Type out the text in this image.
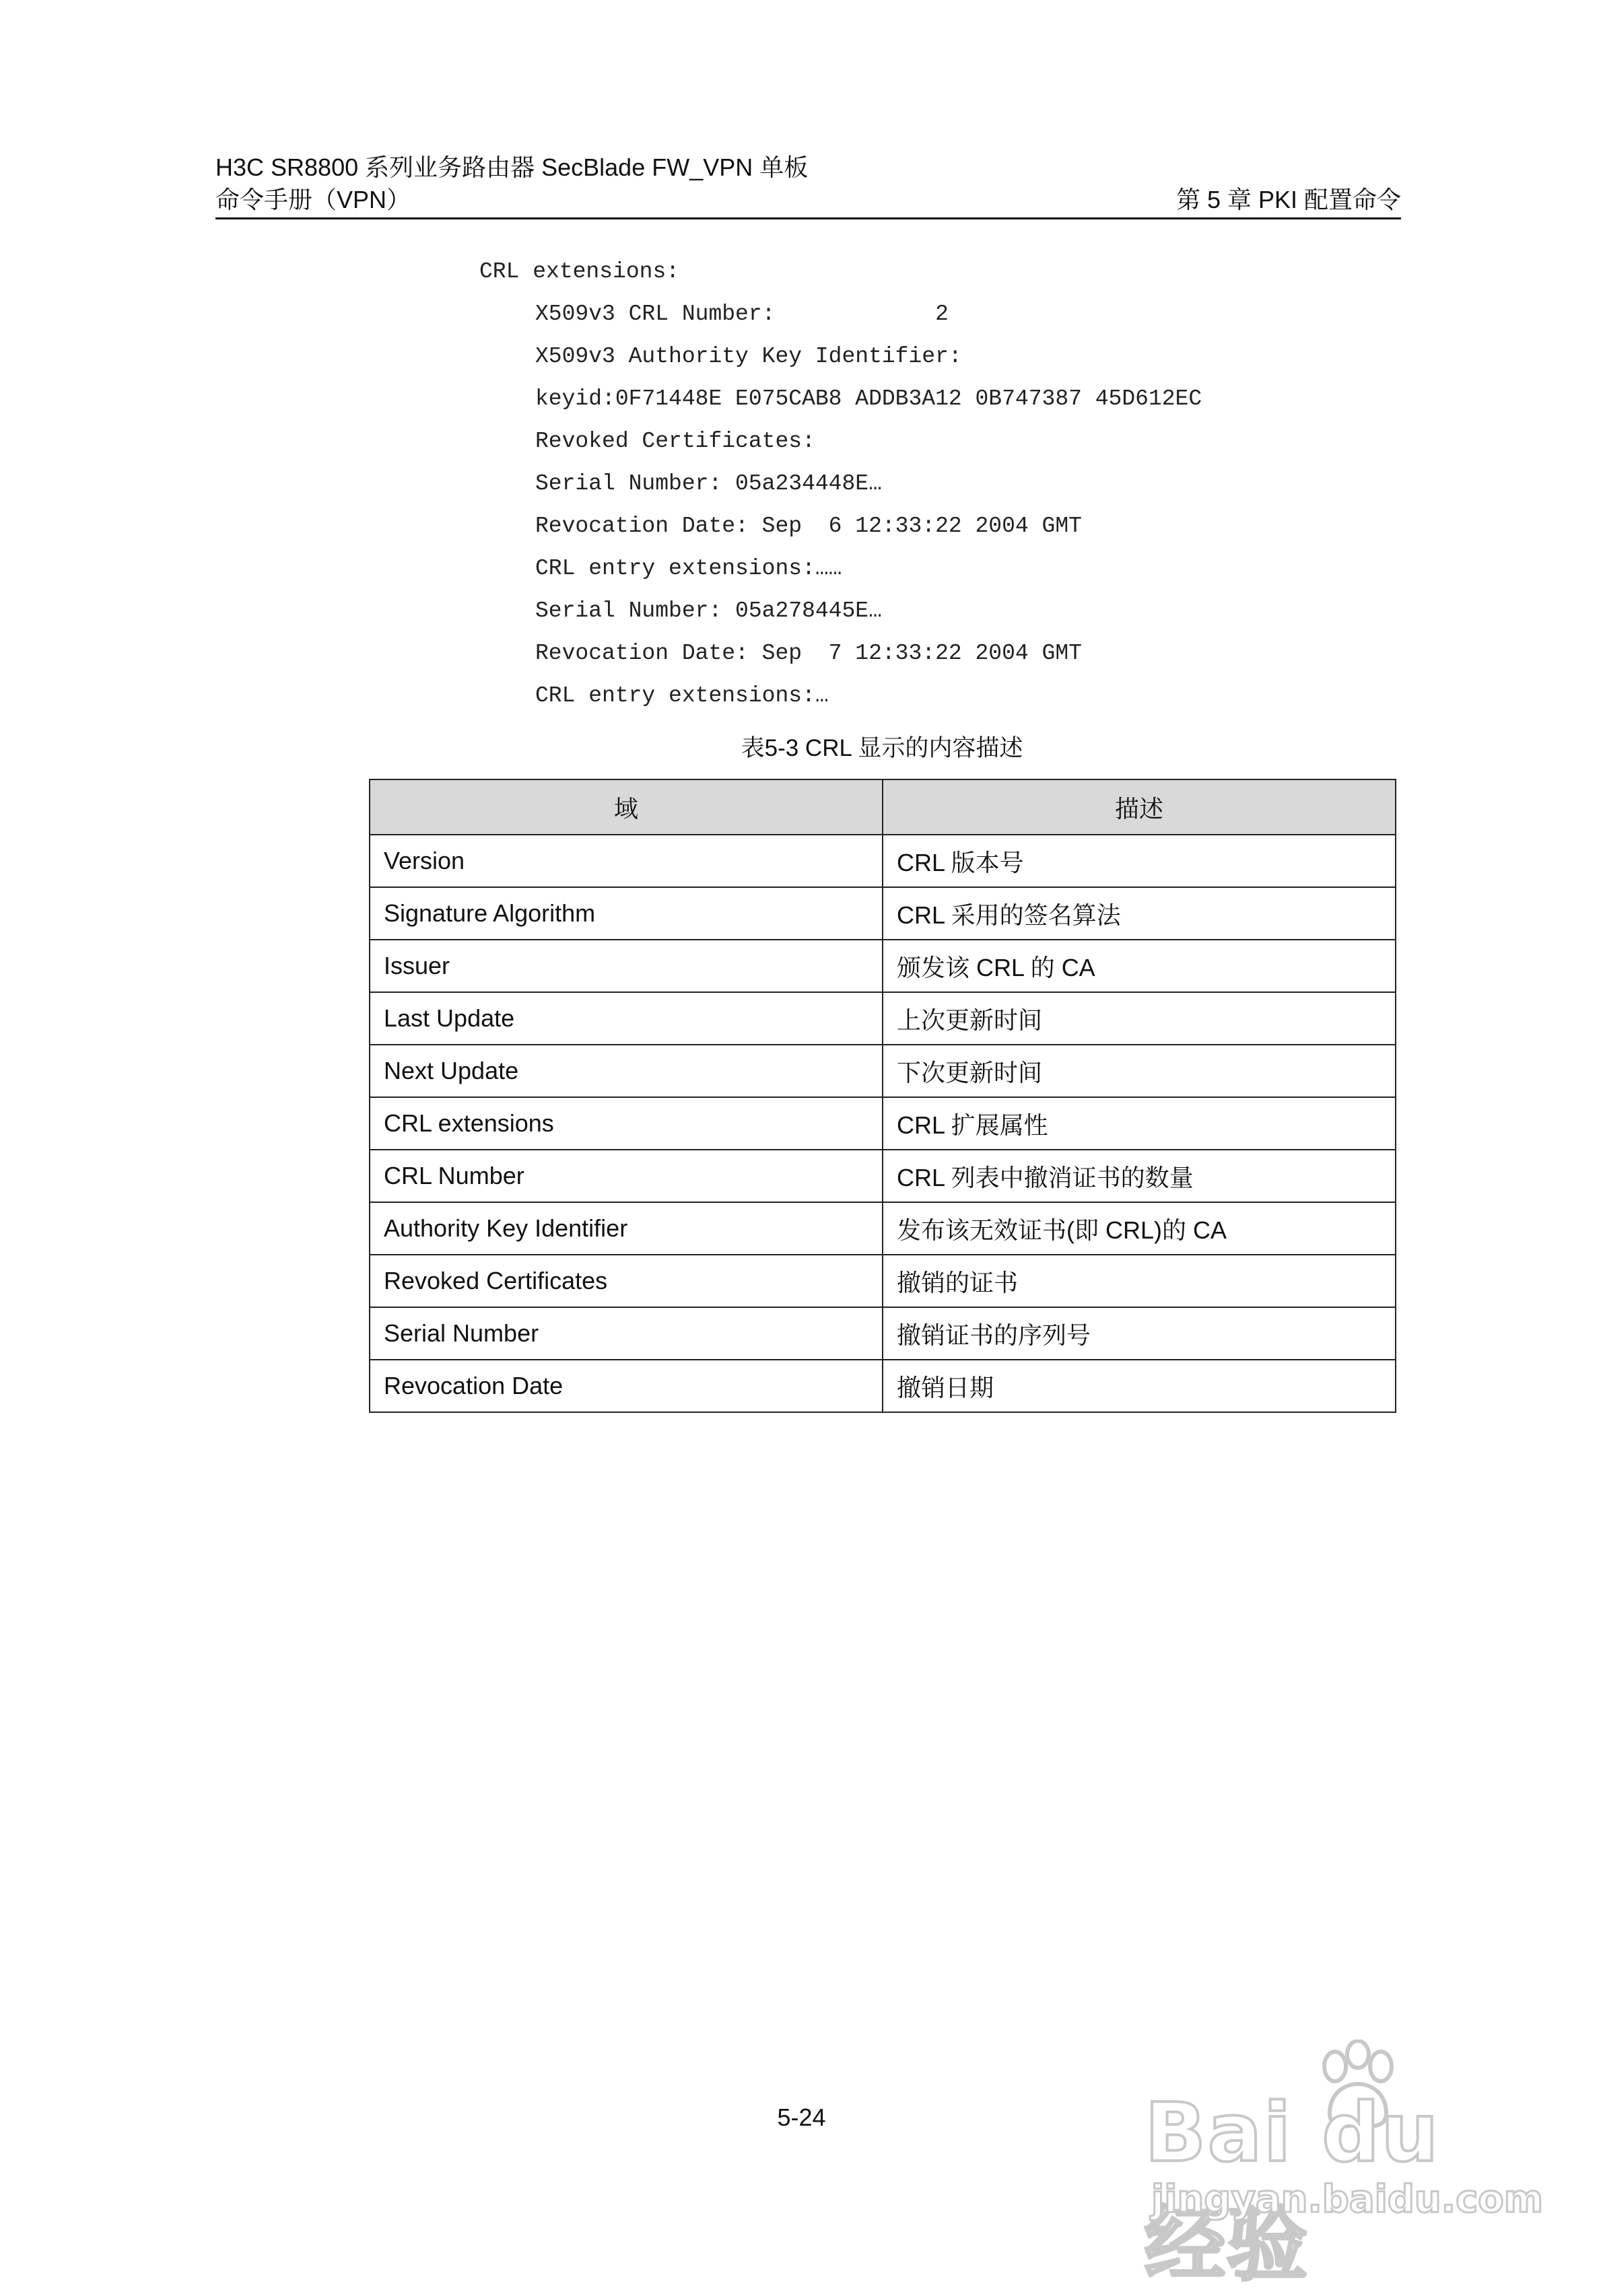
H3C SR8800 系列业务路由器 SecBlade FW_VPN 单板
命令手册（VPN）	第 5 章 PKI 配置命令
CRL extensions:
X509v3 CRL Number:            2
X509v3 Authority Key Identifier:
keyid:0F71448E E075CAB8 ADDB3A12 0B747387 45D612EC
Revoked Certificates:
Serial Number: 05a234448E…
Revocation Date: Sep  6 12:33:22 2004 GMT
CRL entry extensions:……
Serial Number: 05a278445E…
Revocation Date: Sep  7 12:33:22 2004 GMT
CRL entry extensions:…
表5-3 CRL 显示的内容描述
域	描述
Version	CRL 版本号
Signature Algorithm	CRL 采用的签名算法
Issuer	颁发该 CRL 的 CA
Last Update	上次更新时间
Next Update	下次更新时间
CRL extensions	CRL 扩展属性
CRL Number	CRL 列表中撤消证书的数量
Authority Key Identifier	发布该无效证书(即 CRL)的 CA
Revoked Certificates	撤销的证书
Serial Number	撤销证书的序列号
Revocation Date	撤销日期
5-24	Bai du 经验
jingyan.baidu.com
